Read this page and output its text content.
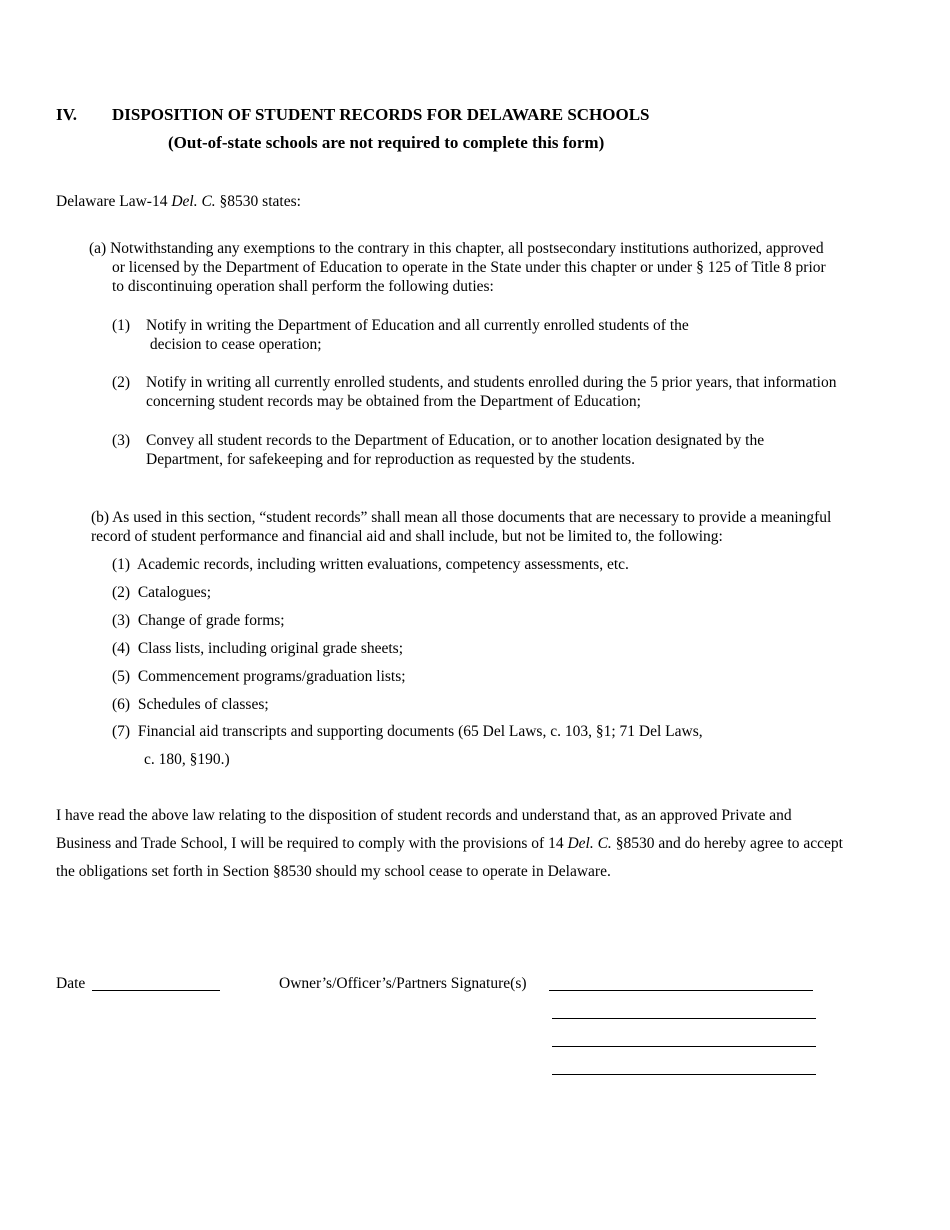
IV. DISPOSITION OF STUDENT RECORDS FOR DELAWARE SCHOOLS
(Out-of-state schools are not required to complete this form)
Delaware Law-14 Del. C. §8530 states:
(a) Notwithstanding any exemptions to the contrary in this chapter, all postsecondary institutions authorized, approved
or licensed by the Department of Education to operate in the State under this chapter or under § 125 of Title 8 prior
to discontinuing operation shall perform the following duties:
(1) Notify in writing the Department of Education and all currently enrolled students of the
decision to cease operation;
(2) Notify in writing all currently enrolled students, and students enrolled during the 5 prior years, that information
concerning student records may be obtained from the Department of Education;
(3) Convey all student records to the Department of Education, or to another location designated by the
Department, for safekeeping and for reproduction as requested by the students.
(b) As used in this section, “student records” shall mean all those documents that are necessary to provide a meaningful
record of student performance and financial aid and shall include, but not be limited to, the following:
(1)  Academic records, including written evaluations, competency assessments, etc.
(2)  Catalogues;
(3)  Change of grade forms;
(4)  Class lists, including original grade sheets;
(5)  Commencement programs/graduation lists;
(6)  Schedules of classes;
(7)  Financial aid transcripts and supporting documents (65 Del Laws, c. 103, §1; 71 Del Laws,
c. 180, §190.)
I have read the above law relating to the disposition of student records and understand that, as an approved Private and
Business and Trade School, I will be required to comply with the provisions of 14 Del. C. §8530 and do hereby agree to accept
the obligations set forth in Section §8530 should my school cease to operate in Delaware.
Date	Owner’s/Officer’s/Partners Signature(s)
